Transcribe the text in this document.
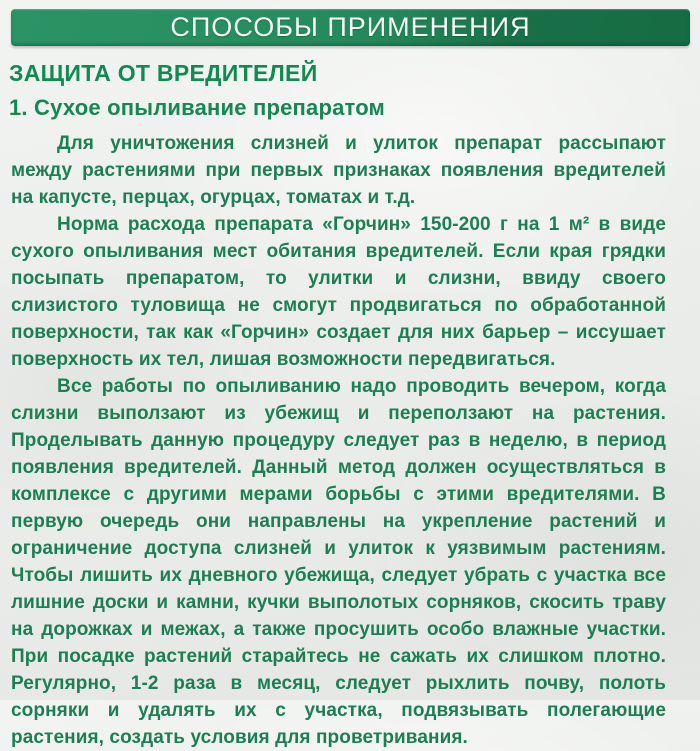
СПОСОБЫ ПРИМЕНЕНИЯ
ЗАЩИТА ОТ ВРЕДИТЕЛЕЙ
1. Сухое опыливание препаратом

Для уничтожения слизней и улиток препарат рассыпают между растениями при первых признаках появления вредителей на капусте, перцах, огурцах, томатах и т.д.

Норма расхода препарата «Горчин» 150-200 г на 1 м² в виде сухого опыливания мест обитания вредителей. Если края грядки посыпать препаратом, то улитки и слизни, ввиду своего слизистого туловища не смогут продвигаться по обработанной поверхности, так как «Горчин» создает для них барьер – иссушает поверхность их тел, лишая возможности передвигаться.

Все работы по опыливанию надо проводить вечером, когда слизни выползают из убежищ и переползают на растения. Проделывать данную процедуру следует раз в неделю, в период появления вредителей. Данный метод должен осуществляться в комплексе с другими мерами борьбы с этими вредителями. В первую очередь они направлены на укрепление растений и ограничение доступа слизней и улиток к уязвимым растениям. Чтобы лишить их дневного убежища, следует убрать с участка все лишние доски и камни, кучки выполотых сорняков, скосить траву на дорожках и межах, а также просушить особо влажные участки. При посадке растений старайтесь не сажать их слишком плотно. Регулярно, 1-2 раза в месяц, следует рыхлить почву, полоть сорняки и удалять их с участка, подвязывать полегающие растения, создать условия для проветривания.
